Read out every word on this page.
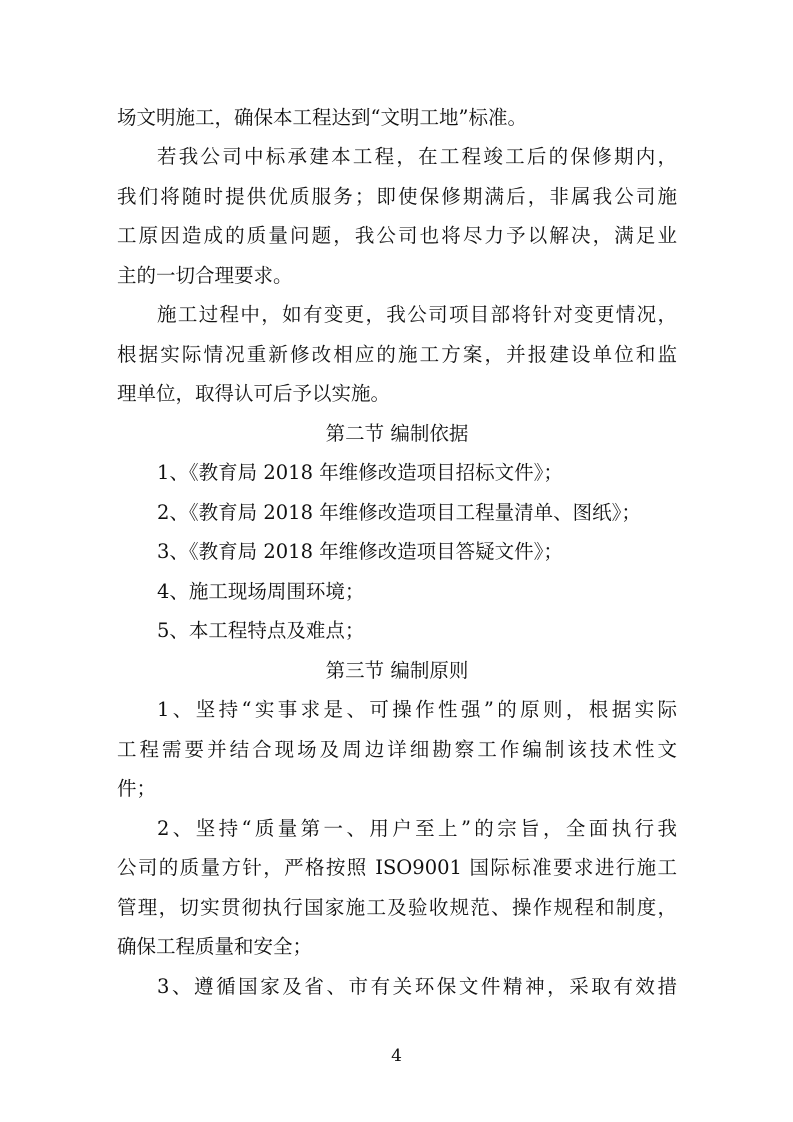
场文明施工，确保本工程达到“文明工地”标准。
若我公司中标承建本工程，在工程竣工后的保修期内，
我们将随时提供优质服务；即使保修期满后，非属我公司施
工原因造成的质量问题，我公司也将尽力予以解决，满足业
主的一切合理要求。
施工过程中，如有变更，我公司项目部将针对变更情况，
根据实际情况重新修改相应的施工方案，并报建设单位和监
理单位，取得认可后予以实施。
第二节 编制依据
1、《教育局 2018 年维修改造项目招标文件》；
2、《教育局 2018 年维修改造项目工程量清单、图纸》；
3、《教育局 2018 年维修改造项目答疑文件》；
4、施工现场周围环境；
5、本工程特点及难点；
第三节 编制原则
1、坚持“实事求是、可操作性强”的原则，根据实际
工程需要并结合现场及周边详细勘察工作编制该技术性文
件；
2、坚持“质量第一、用户至上”的宗旨，全面执行我
公司的质量方针，严格按照 ISO9001 国际标准要求进行施工
管理，切实贯彻执行国家施工及验收规范、操作规程和制度，
确保工程质量和安全；
3、遵循国家及省、市有关环保文件精神，采取有效措
4
